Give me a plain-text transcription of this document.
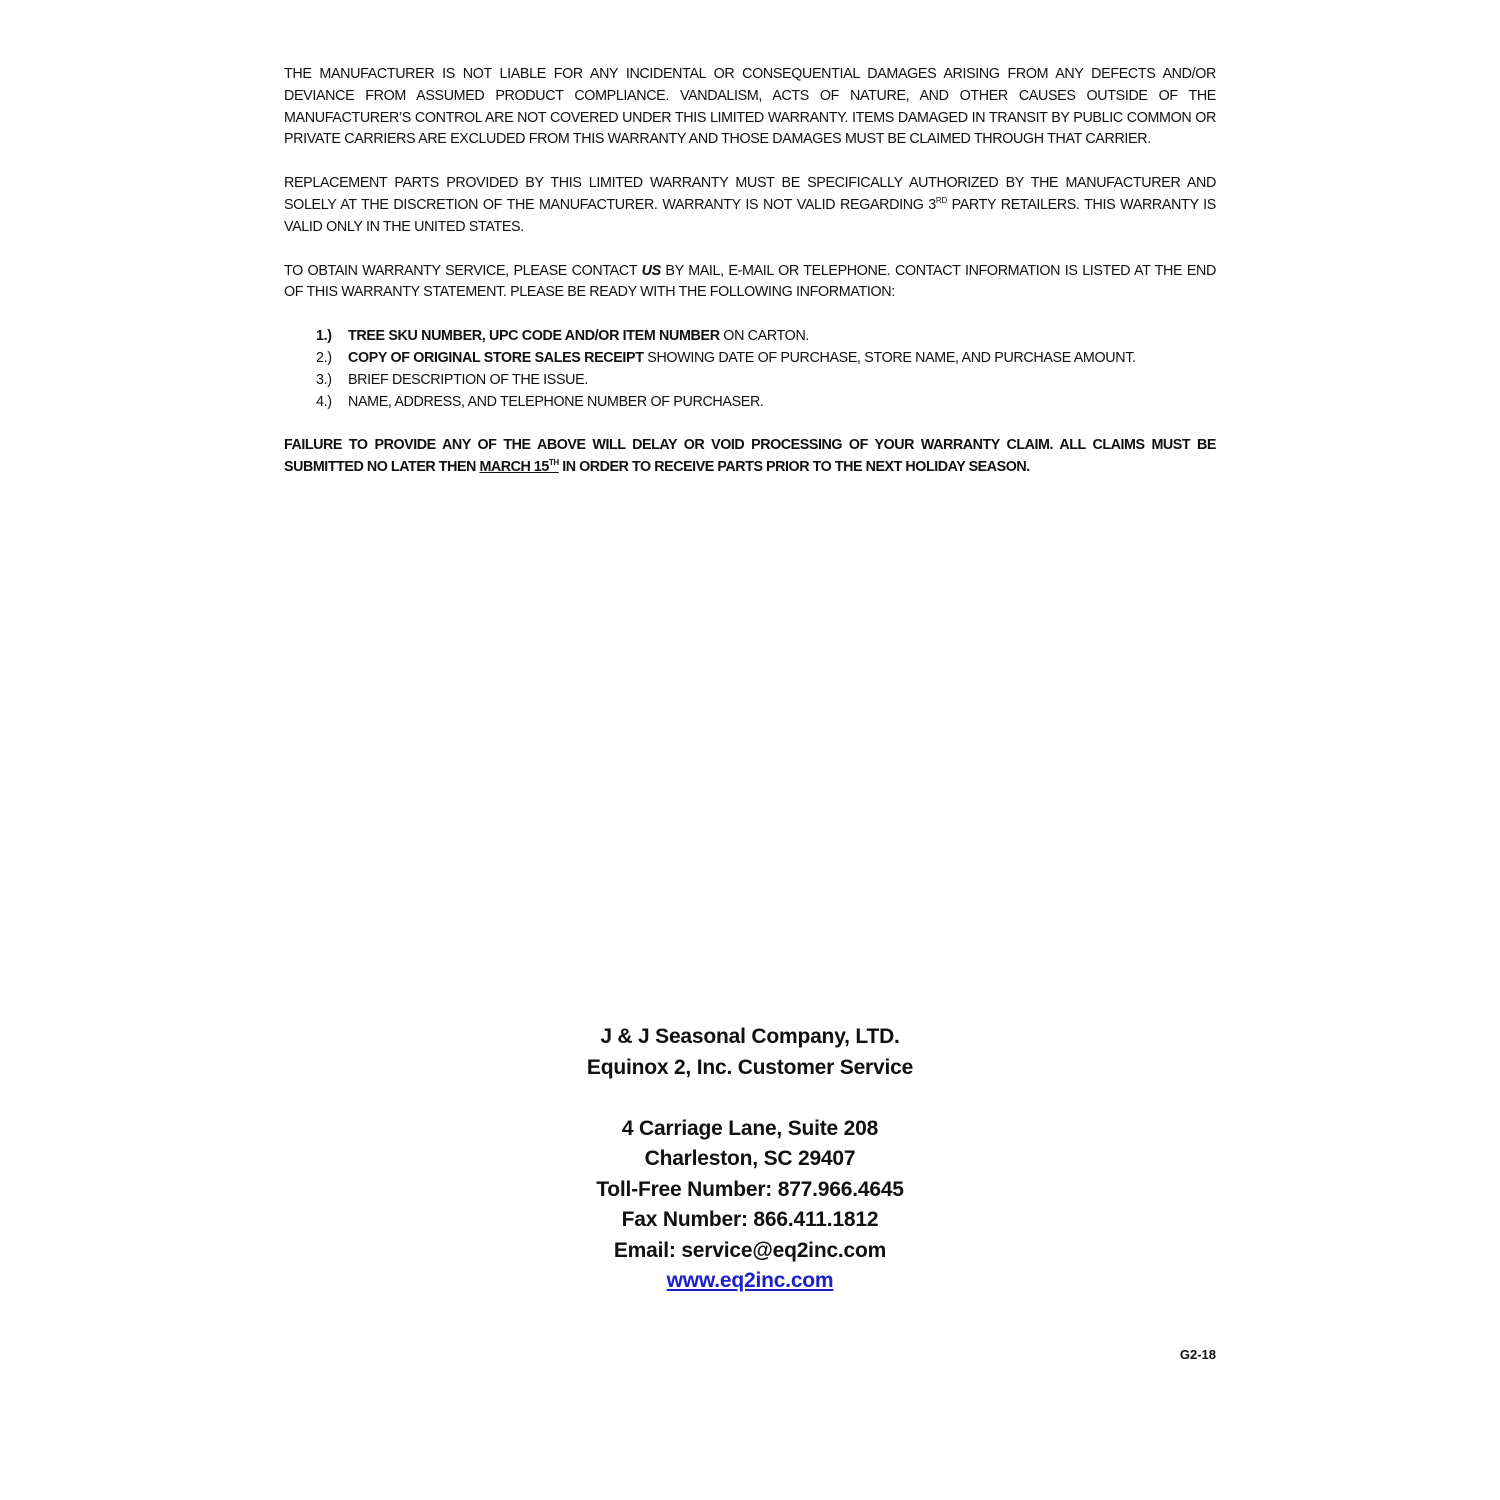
THE MANUFACTURER IS NOT LIABLE FOR ANY INCIDENTAL OR CONSEQUENTIAL DAMAGES ARISING FROM ANY DEFECTS AND/OR DEVIANCE FROM ASSUMED PRODUCT COMPLIANCE. VANDALISM, ACTS OF NATURE, AND OTHER CAUSES OUTSIDE OF THE MANUFACTURER’S CONTROL ARE NOT COVERED UNDER THIS LIMITED WARRANTY. ITEMS DAMAGED IN TRANSIT BY PUBLIC COMMON OR PRIVATE CARRIERS ARE EXCLUDED FROM THIS WARRANTY AND THOSE DAMAGES MUST BE CLAIMED THROUGH THAT CARRIER.

REPLACEMENT PARTS PROVIDED BY THIS LIMITED WARRANTY MUST BE SPECIFICALLY AUTHORIZED BY THE MANUFACTURER AND SOLELY AT THE DISCRETION OF THE MANUFACTURER. WARRANTY IS NOT VALID REGARDING 3RD PARTY RETAILERS. THIS WARRANTY IS VALID ONLY IN THE UNITED STATES.

TO OBTAIN WARRANTY SERVICE, PLEASE CONTACT US BY MAIL, E-MAIL OR TELEPHONE. CONTACT INFORMATION IS LISTED AT THE END OF THIS WARRANTY STATEMENT. PLEASE BE READY WITH THE FOLLOWING INFORMATION:

1.)	TREE SKU NUMBER, UPC CODE AND/OR ITEM NUMBER ON CARTON.
2.)	COPY OF ORIGINAL STORE SALES RECEIPT SHOWING DATE OF PURCHASE, STORE NAME, AND PURCHASE AMOUNT.
3.)	BRIEF DESCRIPTION OF THE ISSUE.
4.)	NAME, ADDRESS, AND TELEPHONE NUMBER OF PURCHASER.

FAILURE TO PROVIDE ANY OF THE ABOVE WILL DELAY OR VOID PROCESSING OF YOUR WARRANTY CLAIM. ALL CLAIMS MUST BE SUBMITTED NO LATER THEN MARCH 15TH IN ORDER TO RECEIVE PARTS PRIOR TO THE NEXT HOLIDAY SEASON.

J & J Seasonal Company, LTD.
Equinox 2, Inc. Customer Service
4 Carriage Lane, Suite 208
Charleston, SC 29407
Toll-Free Number: 877.966.4645
Fax Number: 866.411.1812
Email: service@eq2inc.com
www.eq2inc.com
G2-18
